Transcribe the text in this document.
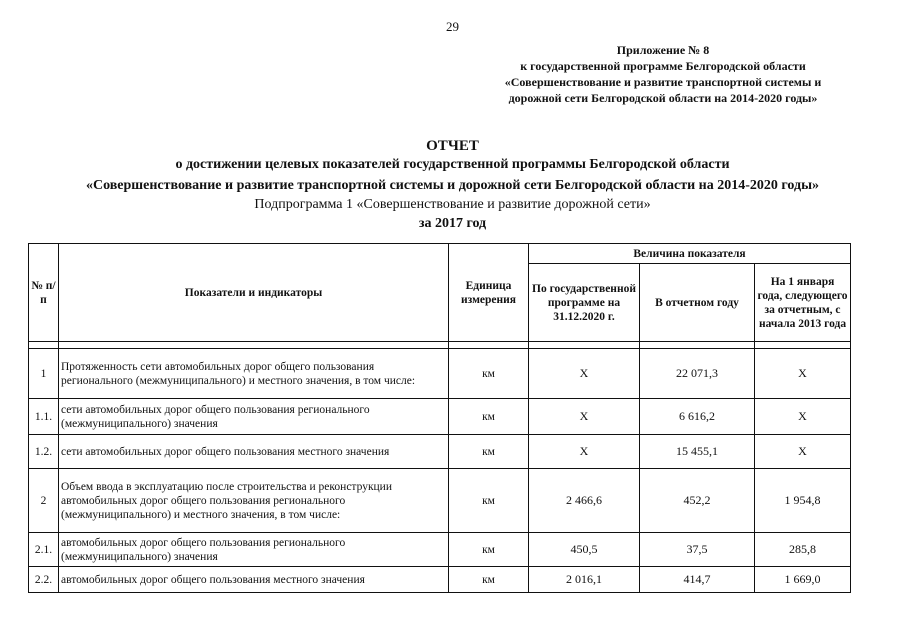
29
Приложение № 8
к государственной программе Белгородской области
«Совершенствование и развитие транспортной системы и
дорожной сети Белгородской области на 2014-2020 годы»
ОТЧЕТ
о достижении целевых показателей государственной программы Белгородской области
«Совершенствование и развитие транспортной системы и дорожной сети Белгородской области на 2014-2020 годы»
Подпрограмма 1 «Совершенствование и развитие дорожной сети»
за 2017 год
№ п/п	Показатели и индикаторы	Единица измерения	Величина показателя		
			По государственной программе на 31.12.2020 г.	В отчетном году	На 1 января года, следующего за отчетным, с начала 2013 года

1	Протяженность сети автомобильных дорог общего пользования регионального (межмуниципального) и местного значения, в том числе:	км	Х	22 071,3	Х
1.1.	сети автомобильных дорог общего пользования регионального (межмуниципального) значения	км	Х	6 616,2	Х
1.2.	сети автомобильных дорог общего пользования местного значения	км	Х	15 455,1	Х
2	Объем ввода в эксплуатацию после строительства и реконструкции автомобильных дорог общего пользования регионального (межмуниципального) и местного значения, в том числе:	км	2 466,6	452,2	1 954,8
2.1.	автомобильных дорог общего пользования регионального (межмуниципального) значения	км	450,5	37,5	285,8
2.2.	автомобильных дорог общего пользования местного значения	км	2 016,1	414,7	1 669,0
